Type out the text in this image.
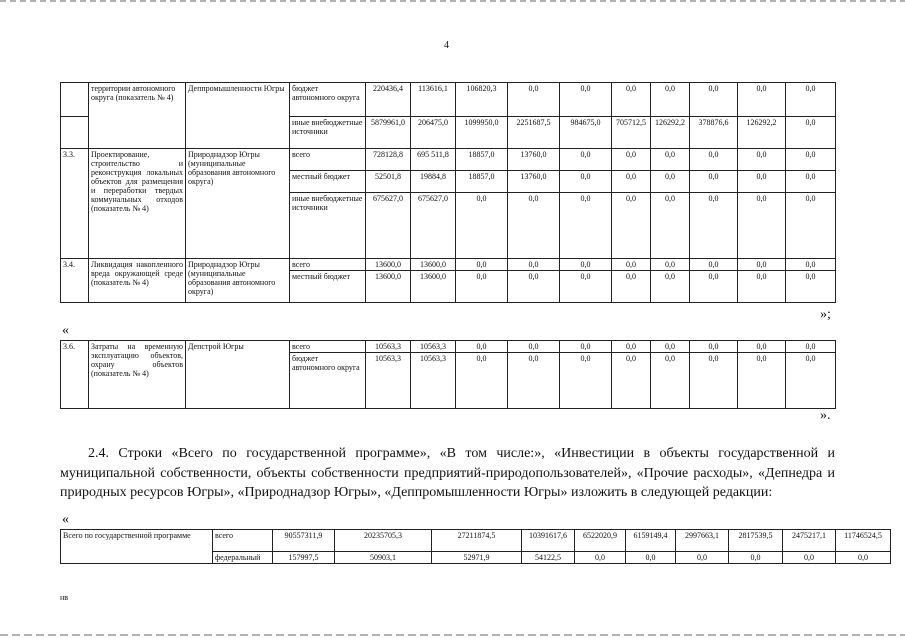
4
	территории автономного округа (показатель № 4)	Деппромышленности Югры	бюджет автономного округа	220436,4	113616,1	106820,3	0,0	0,0	0,0	0,0	0,0	0,0	0,0
			иные внебюджетные источники	5879961,0	206475,0	1099950,0	2251687,5	984675,0	705712,5	126292,2	378876,6	126292,2	0,0
3.3.	Проектирование, строительство и реконструкция локальных объектов для размещения и переработки твердых коммунальных отходов (показатель № 4)	Природнадзор Югры (муниципальные образования автономного округа)	всего	728128,8	695 511,8	18857,0	13760,0	0,0	0,0	0,0	0,0	0,0	0,0
			местный бюджет	52501,8	19884,8	18857,0	13760,0	0,0	0,0	0,0	0,0	0,0	0,0
			иные внебюджетные источники	675627,0	675627,0	0,0	0,0	0,0	0,0	0,0	0,0	0,0	0,0
3.4.	Ликвидация накопленного вреда окружающей среде (показатель № 4)	Природнадзор Югры (муниципальные образования автономного округа)	всего	13600,0	13600,0	0,0	0,0	0,0	0,0	0,0	0,0	0,0	0,0
			местный бюджет	13600,0	13600,0	0,0	0,0	0,0	0,0	0,0	0,0	0,0	0,0
»;
«
3.6.	Затраты на временную эксплуатацию объектов, охрану объектов (показатель № 4)	Депстрой Югры	всего	10563,3	10563,3	0,0	0,0	0,0	0,0	0,0	0,0	0,0	0,0
			бюджет автономного округа	10563,3	10563,3	0,0	0,0	0,0	0,0	0,0	0,0	0,0	0,0
».
2.4. Строки «Всего по государственной программе», «В том числе:», «Инвестиции в объекты государственной и муниципальной собственности, объекты собственности предприятий-природопользователей», «Прочие расходы», «Депнедра и природных ресурсов Югры», «Природнадзор Югры», «Деппромышленности Югры» изложить в следующей редакции:
«
Всего по государственной программе	всего	90557311,9	20235705,3	27211874,5	10391617,6	6522020,9	6159149,4	2997663,1	2817539,5	2475217,1	11746524,5
	федеральный	157997,5	50903,1	52971,9	54122,5	0,0	0,0	0,0	0,0	0,0	0,0
нв
